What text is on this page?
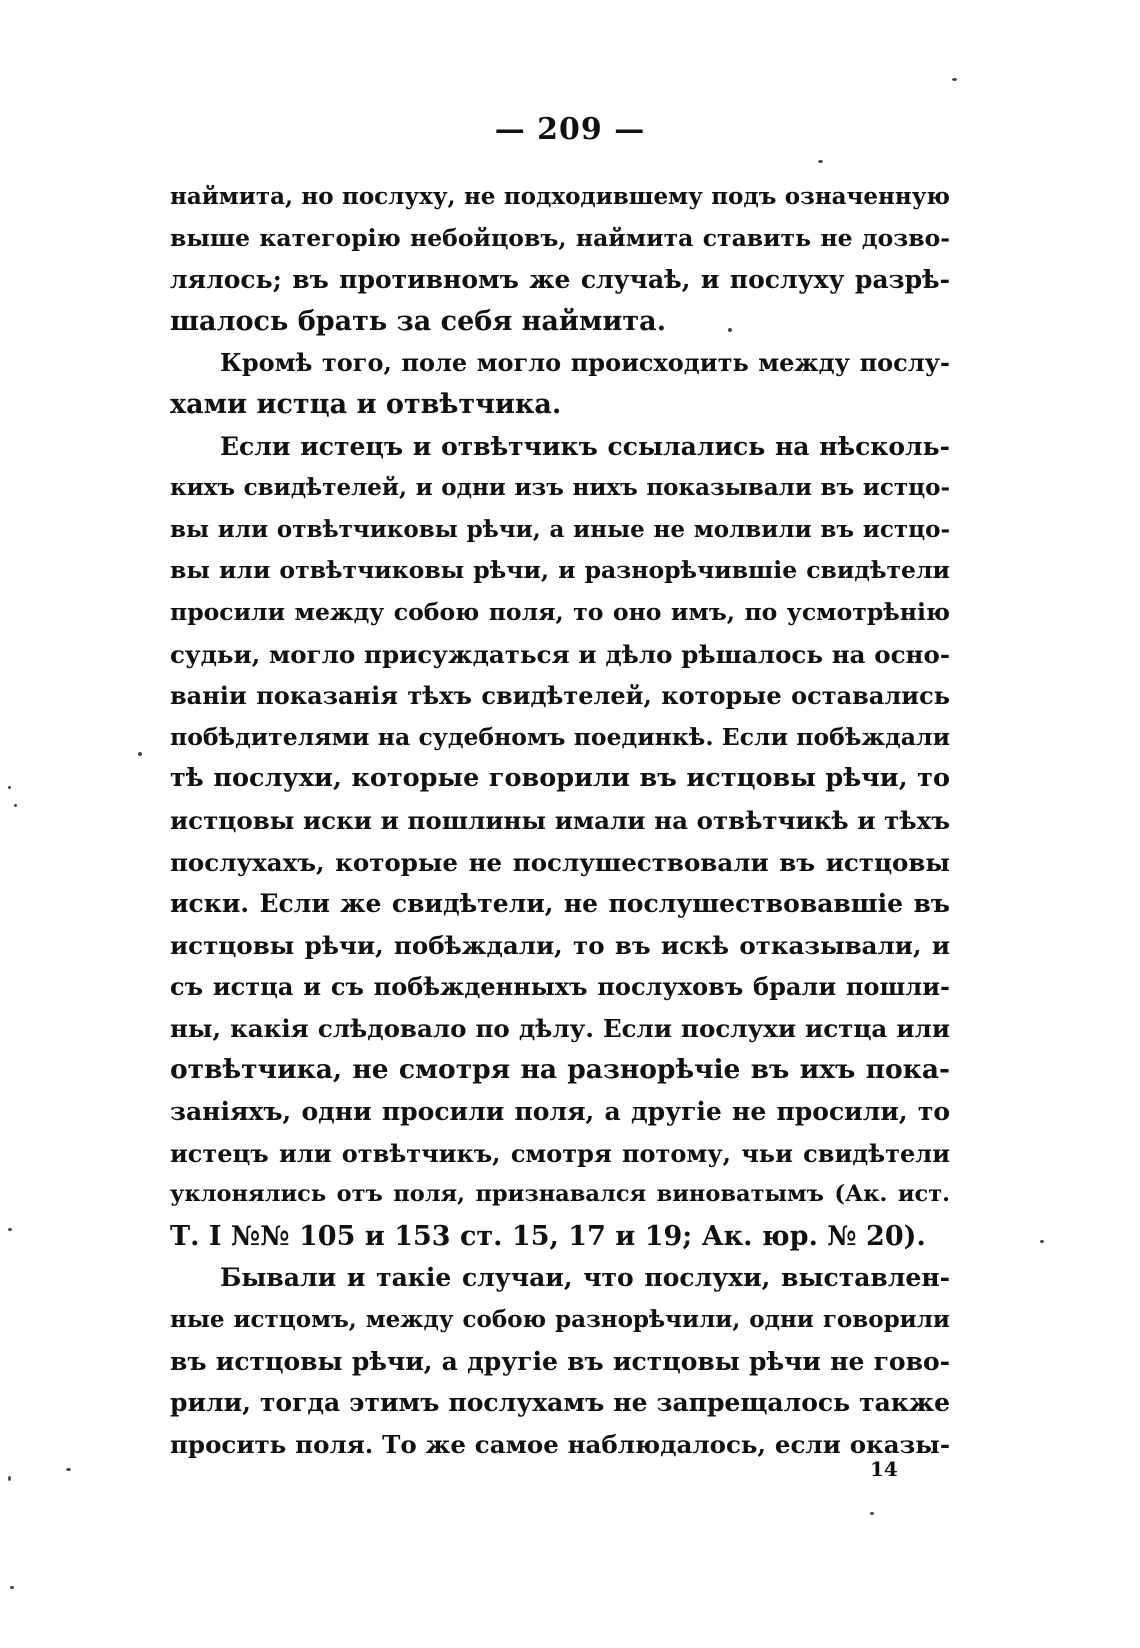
— 209 —
наймита, но послуху, не подходившему подъ означенную
выше категорію небойцовъ, наймита ставить не дозво-
лялось; въ противномъ же случаѣ, и послуху разрѣ-
шалось брать за себя наймита.
Кромѣ того, поле могло происходить между послу-
хами истца и отвѣтчика.
Если истецъ и отвѣтчикъ ссылались на нѣсколь-
кихъ свидѣтелей, и одни изъ нихъ показывали въ истцо-
вы или отвѣтчиковы рѣчи, а иные не молвили въ истцо-
вы или отвѣтчиковы рѣчи, и разнорѣчившіе свидѣтели
просили между собою поля, то оно имъ, по усмотрѣнію
судьи, могло присуждаться и дѣло рѣшалось на осно-
ваніи показанія тѣхъ свидѣтелей, которые оставались
побѣдителями на судебномъ поединкѣ. Если побѣждали
тѣ послухи, которые говорили въ истцовы рѣчи, то
истцовы иски и пошлины имали на отвѣтчикѣ и тѣхъ
послухахъ, которые не послушествовали въ истцовы
иски. Если же свидѣтели, не послушествовавшіе въ
истцовы рѣчи, побѣждали, то въ искѣ отказывали, и
съ истца и съ побѣжденныхъ послуховъ брали пошли-
ны, какія слѣдовало по дѣлу. Если послухи истца или
отвѣтчика, не смотря на разнорѣчіе въ ихъ пока-
заніяхъ, одни просили поля, а другіе не просили, то
истецъ или отвѣтчикъ, смотря потому, чьи свидѣтели
уклонялись отъ поля, признавался виноватымъ (Ак. ист.
Т. I №№ 105 и 153 ст. 15, 17 и 19; Ак. юр. № 20).
Бывали и такіе случаи, что послухи, выставлен-
ные истцомъ, между собою разнорѣчили, одни говорили
въ истцовы рѣчи, а другіе въ истцовы рѣчи не гово-
рили, тогда этимъ послухамъ не запрещалось также
просить поля. То же самое наблюдалось, если оказы-
14
